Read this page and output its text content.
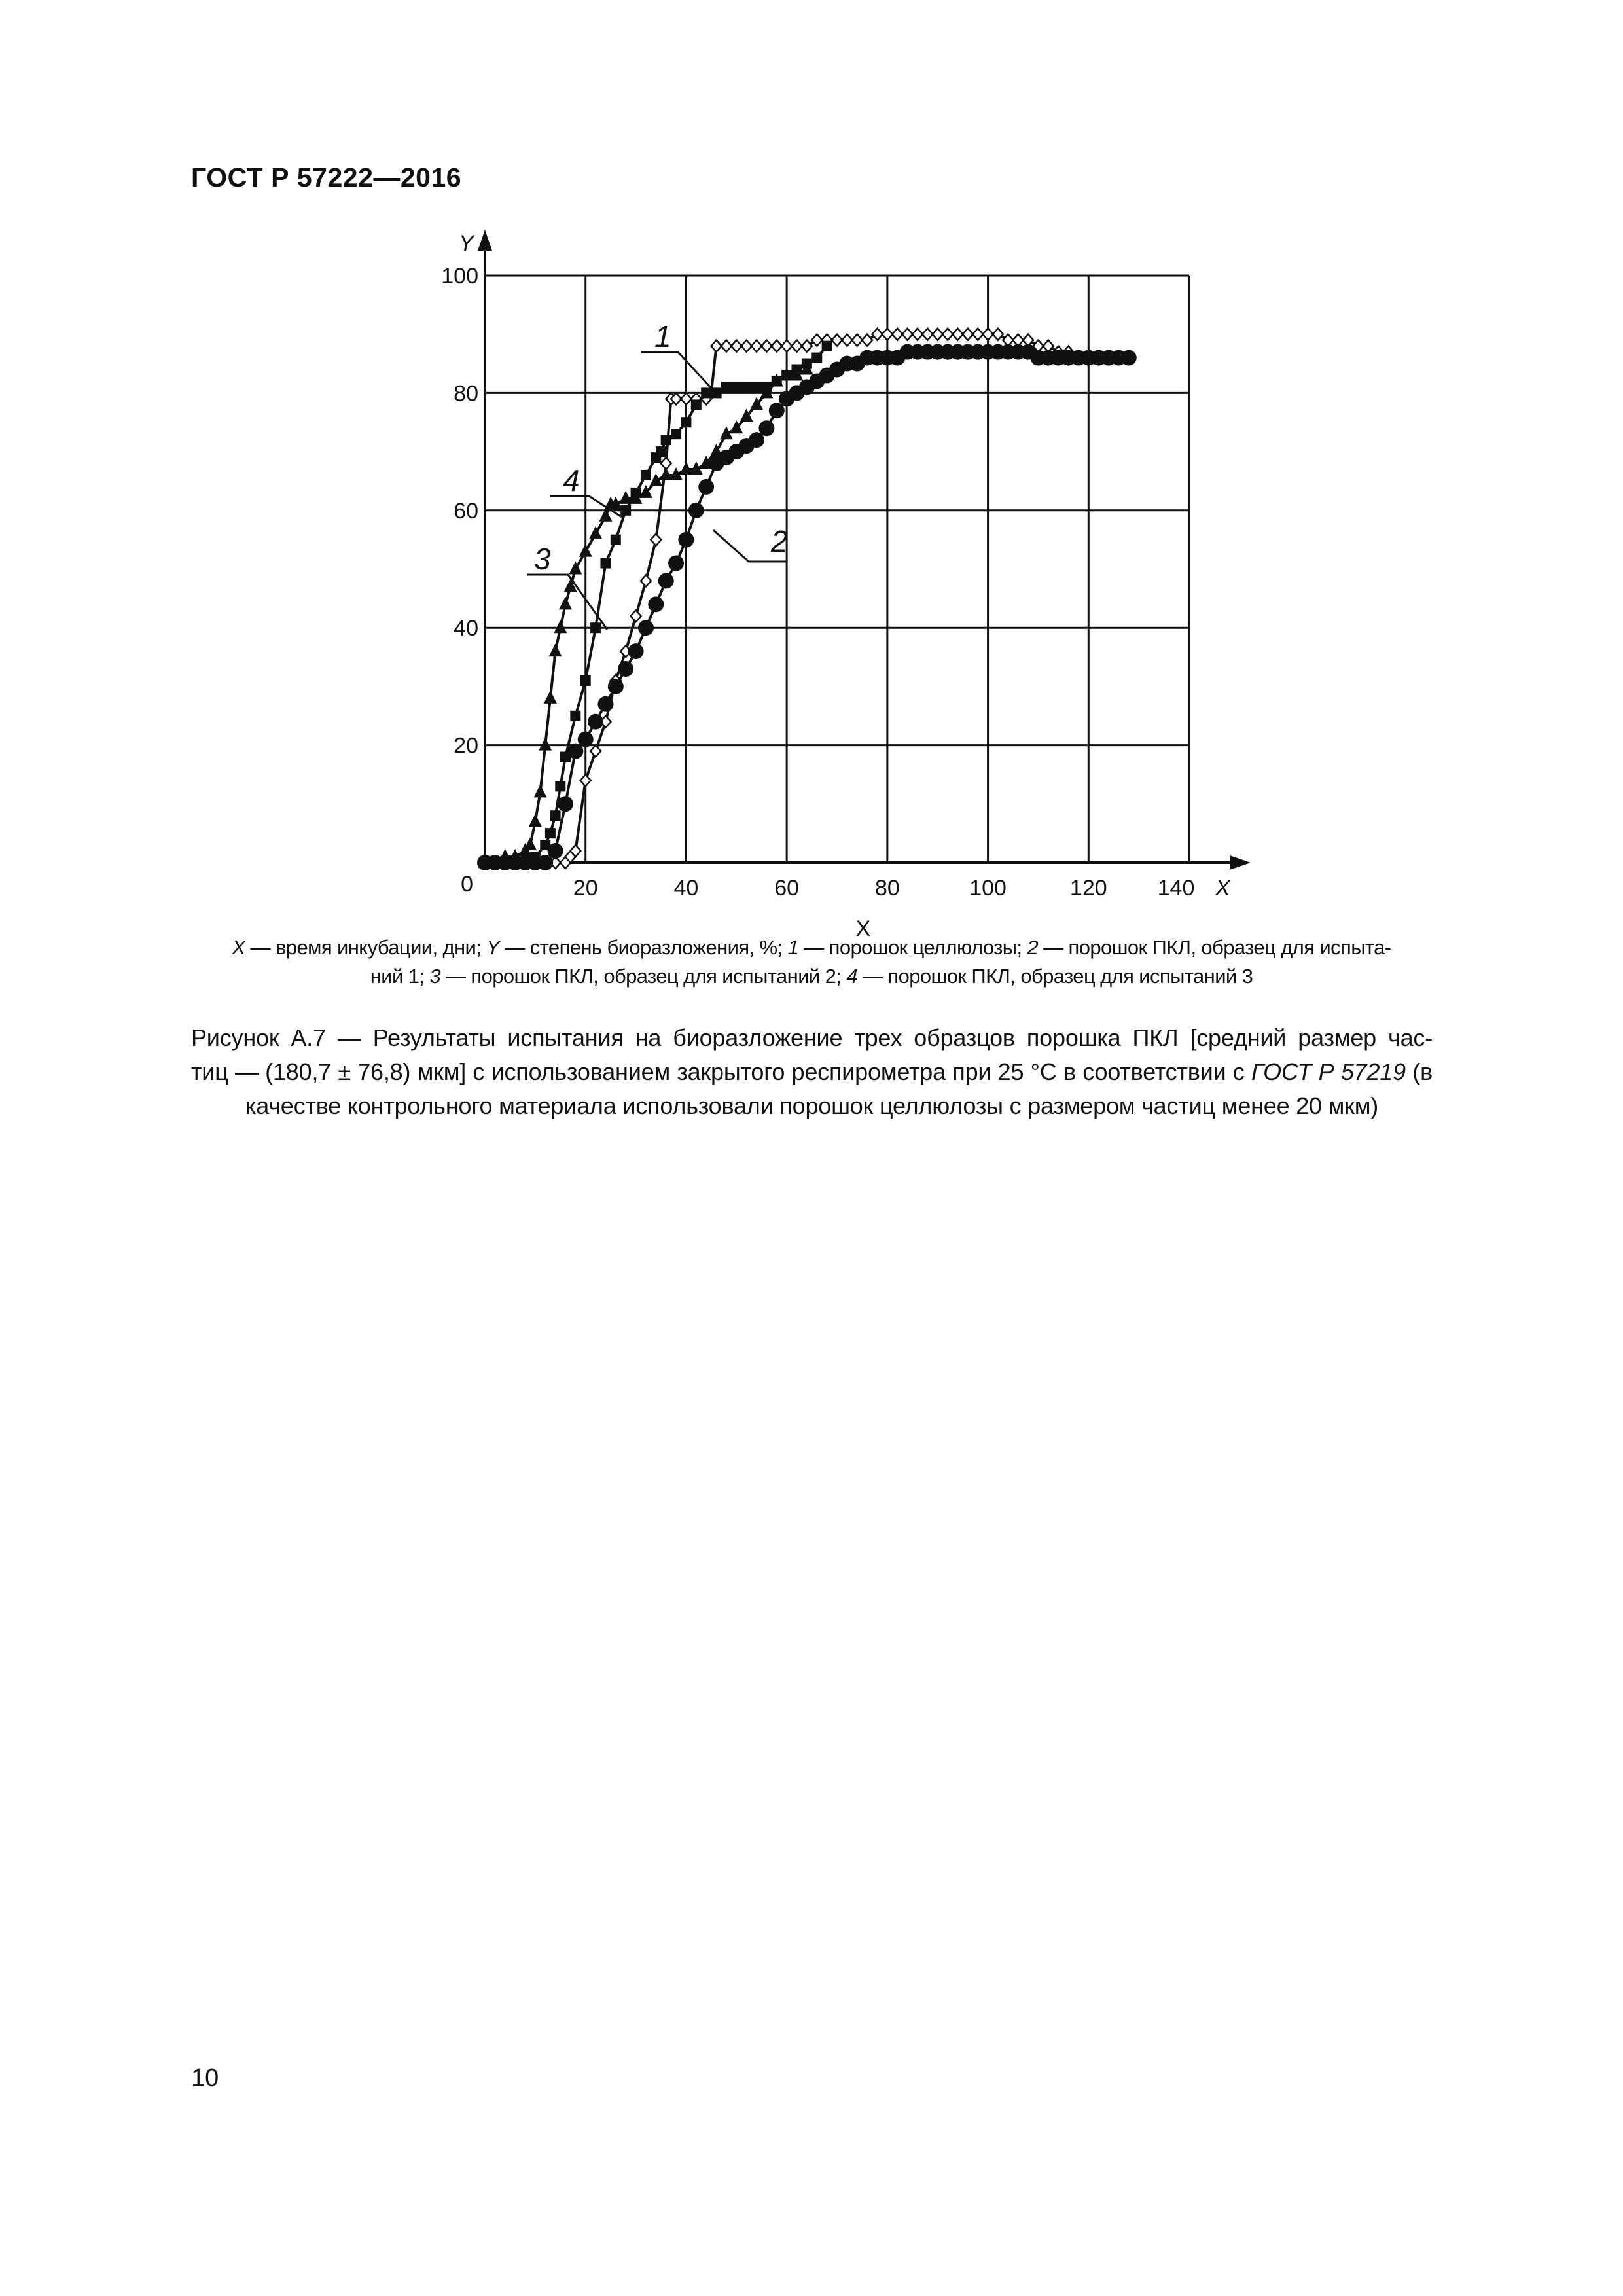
ГОСТ Р 57222—2016
20	40	60	80	100	120 140
20
40
60
80
100
0	X
Y
X
1
2
3
4
X — время инкубации, дни; Y — степень биоразложения, %; 1 — порошок целлюлозы; 2 — порошок ПКЛ, образец для испыта-
ний 1; 3 — порошок ПКЛ, образец для испытаний 2; 4 — порошок ПКЛ, образец для испытаний 3
Рисунок А.7 — Результаты испытания на биоразложение трех образцов порошка ПКЛ [средний размер час-
тиц — (180,7 ± 76,8) мкм] с использованием закрытого респирометра при 25 °C в соответствии с ГОСТ Р 57219 (в
качестве контрольного материала использовали порошок целлюлозы с размером частиц менее 20 мкм)
10
